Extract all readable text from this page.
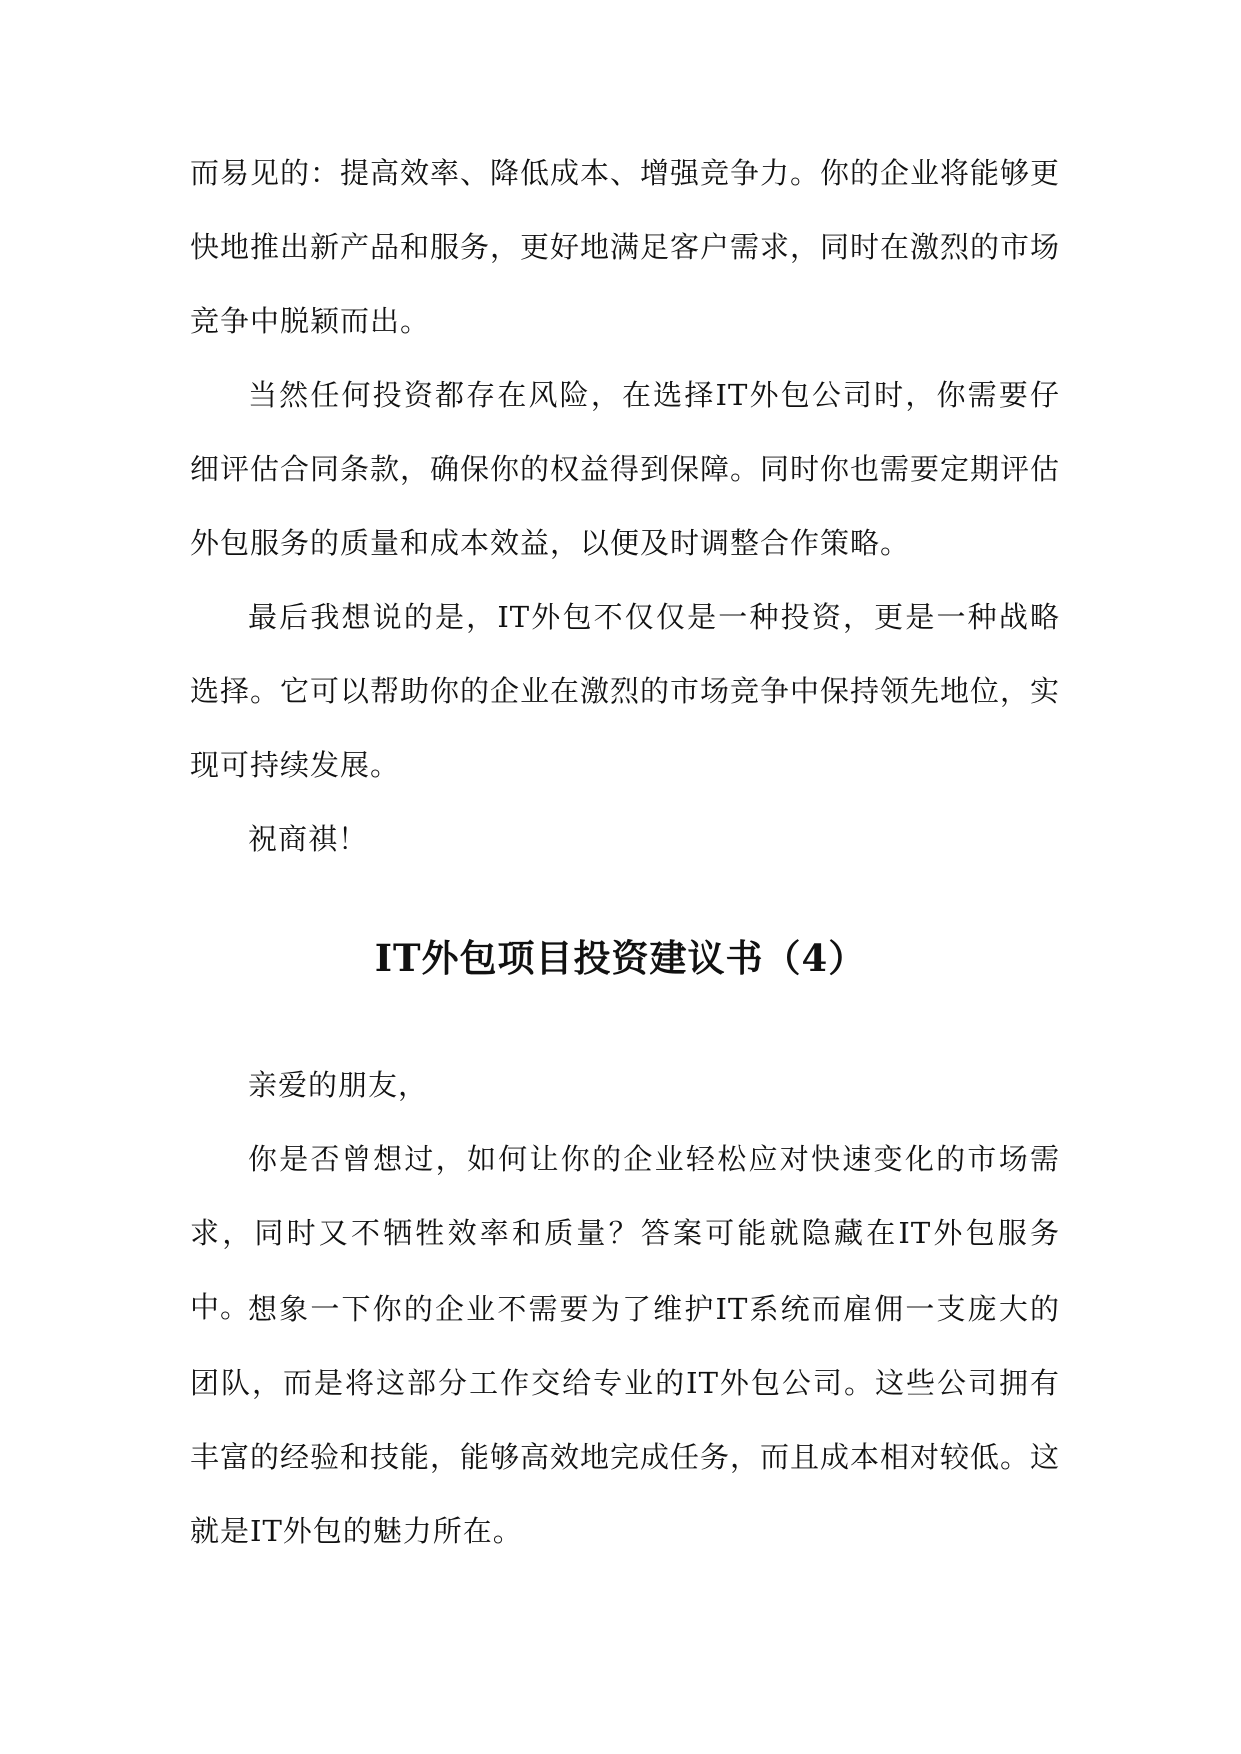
而易见的：提高效率、降低成本、增强竞争力。你的企业将能够更快地推出新产品和服务，更好地满足客户需求，同时在激烈的市场竞争中脱颖而出。

当然任何投资都存在风险，在选择IT外包公司时，你需要仔细评估合同条款，确保你的权益得到保障。同时你也需要定期评估外包服务的质量和成本效益，以便及时调整合作策略。

最后我想说的是，IT外包不仅仅是一种投资，更是一种战略选择。它可以帮助你的企业在激烈的市场竞争中保持领先地位，实现可持续发展。

祝商祺！

IT外包项目投资建议书（4）

亲爱的朋友，

你是否曾想过，如何让你的企业轻松应对快速变化的市场需求，同时又不牺牲效率和质量？答案可能就隐藏在IT外包服务中。

想象一下你的企业不需要为了维护IT系统而雇佣一支庞大的团队，而是将这部分工作交给专业的IT外包公司。这些公司拥有丰富的经验和技能，能够高效地完成任务，而且成本相对较低。这就是IT外包的魅力所在。
